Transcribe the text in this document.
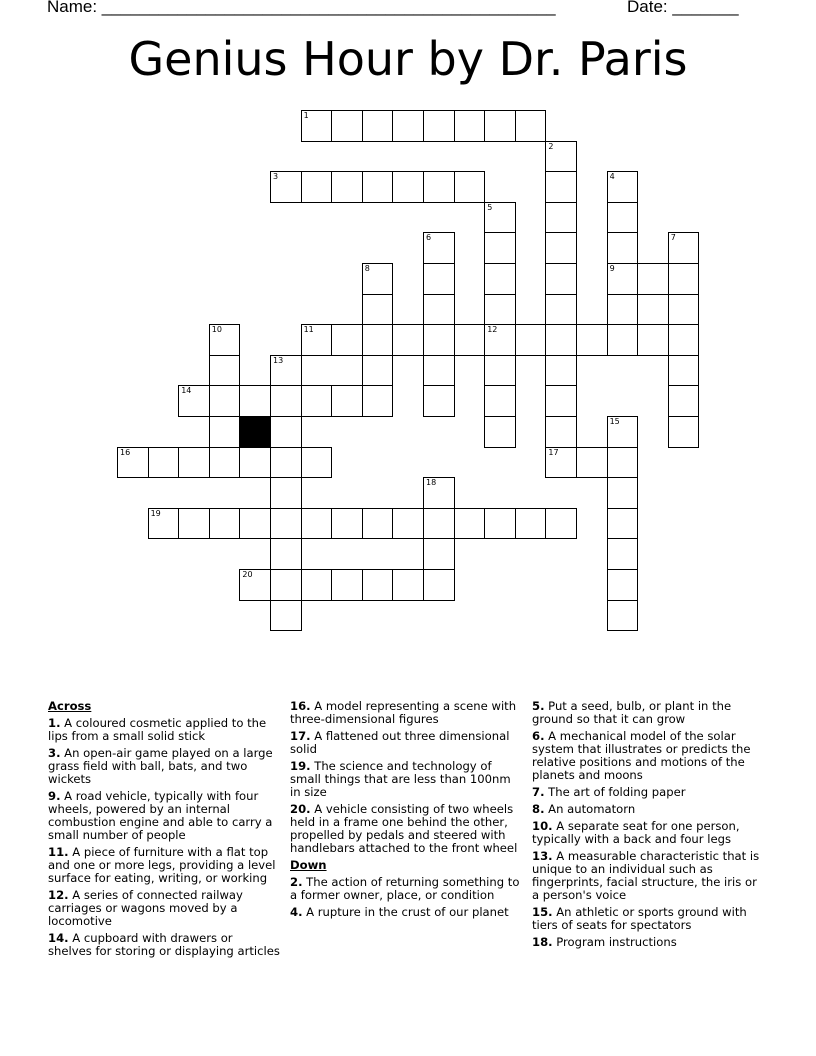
Name: ________________________________________________	Date: _______
Genius Hour by Dr. Paris
1
3
9
11	12
14
16	17
19
20
2
4
5
6	7
8
10
13
15
18

Across

1. A coloured cosmetic applied to the lips from a small solid stick

3. An open-air game played on a large grass field with ball, bats, and two wickets

9. A road vehicle, typically with four wheels, powered by an internal combustion engine and able to carry a small number of people

11. A piece of furniture with a flat top and one or more legs, providing a level surface for eating, writing, or working

12. A series of connected railway carriages or wagons moved by a locomotive

14. A cupboard with drawers or shelves for storing or displaying articles

16. A model representing a scene with three-dimensional figures

17. A flattened out three dimensional solid

19. The science and technology of small things that are less than 100nm in size

20. A vehicle consisting of two wheels held in a frame one behind the other, propelled by pedals and steered with handlebars attached to the front wheel

Down

2. The action of returning something to a former owner, place, or condition

4. A rupture in the crust of our planet

5. Put a seed, bulb, or plant in the ground so that it can grow

6. A mechanical model of the solar system that illustrates or predicts the relative positions and motions of the planets and moons

7. The art of folding paper

8. An automatorn

10. A separate seat for one person, typically with a back and four legs

13. A measurable characteristic that is unique to an individual such as fingerprints, facial structure, the iris or a person's voice

15. An athletic or sports ground with tiers of seats for spectators

18. Program instructions
